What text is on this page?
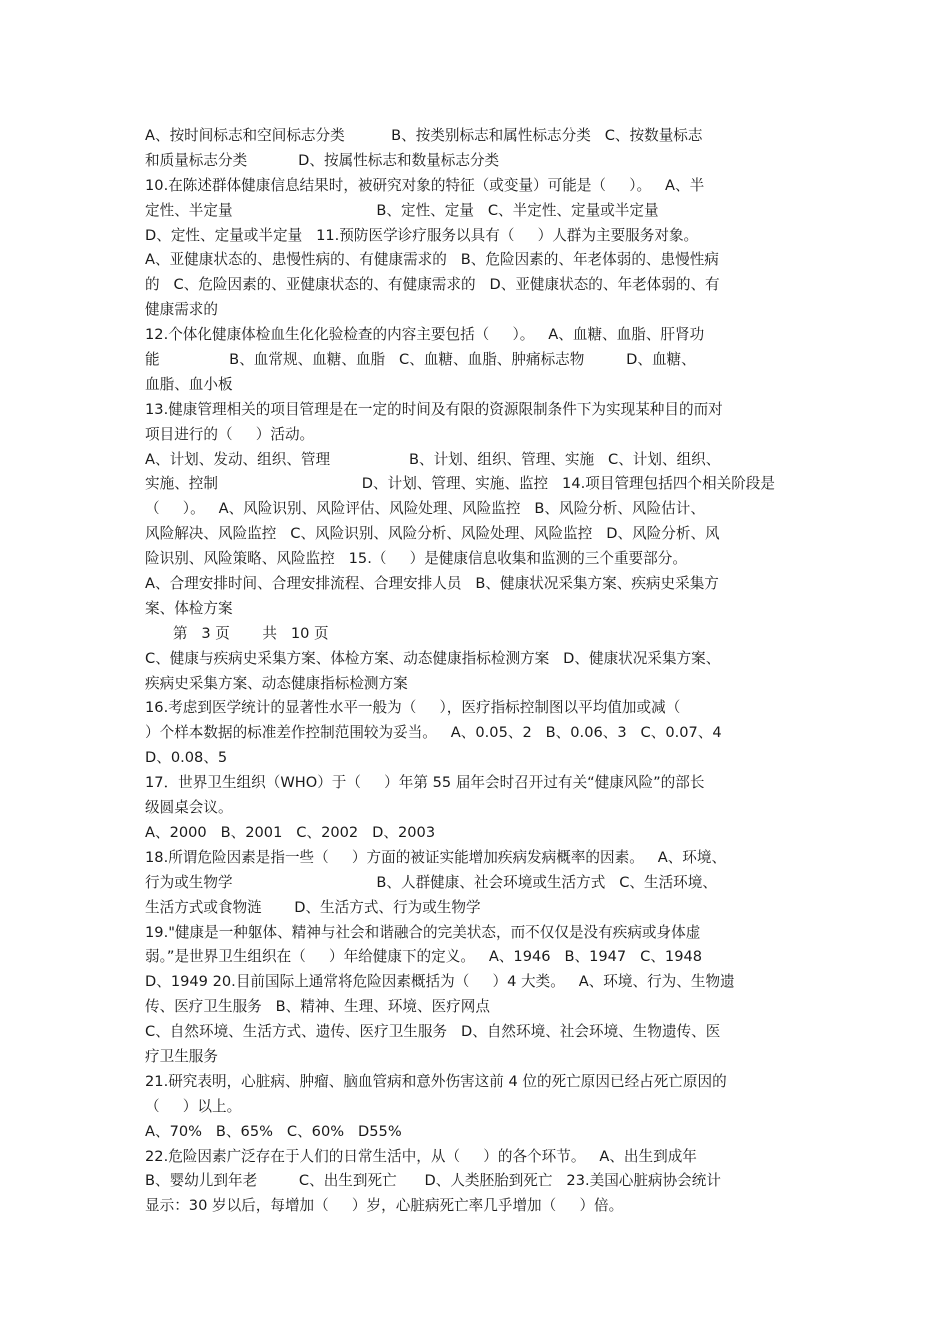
A、按时间标志和空间标志分类          B、按类别标志和属性标志分类   C、按数量标志
和质量标志分类           D、按属性标志和数量标志分类
10.在陈述群体健康信息结果时，被研究对象的特征（或变量）可能是（     ）。   A、半
定性、半定量                               B、定性、定量   C、半定性、定量或半定量
D、定性、定量或半定量   11.预防医学诊疗服务以具有（     ）人群为主要服务对象。
A、亚健康状态的、患慢性病的、有健康需求的   B、危险因素的、年老体弱的、患慢性病
的   C、危险因素的、亚健康状态的、有健康需求的   D、亚健康状态的、年老体弱的、有
健康需求的
12.个体化健康体检血生化化验检查的内容主要包括（     ）。   A、血糖、血脂、肝肾功
能               B、血常规、血糖、血脂   C、血糖、血脂、肿痛标志物         D、血糖、
血脂、血小板
13.健康管理相关的项目管理是在一定的时间及有限的资源限制条件下为实现某种目的而对
项目进行的（     ）活动。
A、计划、发动、组织、管理                 B、计划、组织、管理、实施   C、计划、组织、
实施、控制                               D、计划、管理、实施、监控   14.项目管理包括四个相关阶段是
（     ）。   A、风险识别、风险评估、风险处理、风险监控   B、风险分析、风险估计、
风险解决、风险监控   C、风险识别、风险分析、风险处理、风险监控   D、风险分析、风
险识别、风险策略、风险监控   15.（     ）是健康信息收集和监测的三个重要部分。
A、合理安排时间、合理安排流程、合理安排人员   B、健康状况采集方案、疾病史采集方
案、体检方案
第   3 页       共   10 页
C、健康与疾病史采集方案、体检方案、动态健康指标检测方案   D、健康状况采集方案、
疾病史采集方案、动态健康指标检测方案
16.考虑到医学统计的显著性水平一般为（     ），医疗指标控制图以平均值加或减（
）个样本数据的标准差作控制范围较为妥当。   A、0.05、2   B、0.06、3   C、0.07、4
D、0.08、5
17．世界卫生组织（WHO）于（     ）年第 55 届年会时召开过有关“健康风险”的部长
级圆桌会议。
A、2000   B、2001   C、2002   D、2003
18.所谓危险因素是指一些（     ）方面的被证实能增加疾病发病概率的因素。   A、环境、
行为或生物学                               B、人群健康、社会环境或生活方式   C、生活环境、
生活方式或食物涟       D、生活方式、行为或生物学
19."健康是一种躯体、精神与社会和谐融合的完美状态，而不仅仅是没有疾病或身体虚
弱。”是世界卫生组织在（     ）年给健康下的定义。   A、1946   B、1947   C、1948
D、1949 20.目前国际上通常将危险因素概括为（     ）4 大类。   A、环境、行为、生物遗
传、医疗卫生服务   B、精神、生理、环境、医疗网点
C、自然环境、生活方式、遗传、医疗卫生服务   D、自然环境、社会环境、生物遗传、医
疗卫生服务
21.研究表明，心脏病、肿瘤、脑血管病和意外伤害这前 4 位的死亡原因已经占死亡原因的
（     ）以上。
A、70%   B、65%   C、60%   D55%
22.危险因素广泛存在于人们的日常生活中，从（     ）的各个环节。   A、出生到成年
B、婴幼儿到年老         C、出生到死亡      D、人类胚胎到死亡   23.美国心脏病协会统计
显示：30 岁以后，每增加（     ）岁，心脏病死亡率几乎增加（     ）倍。
